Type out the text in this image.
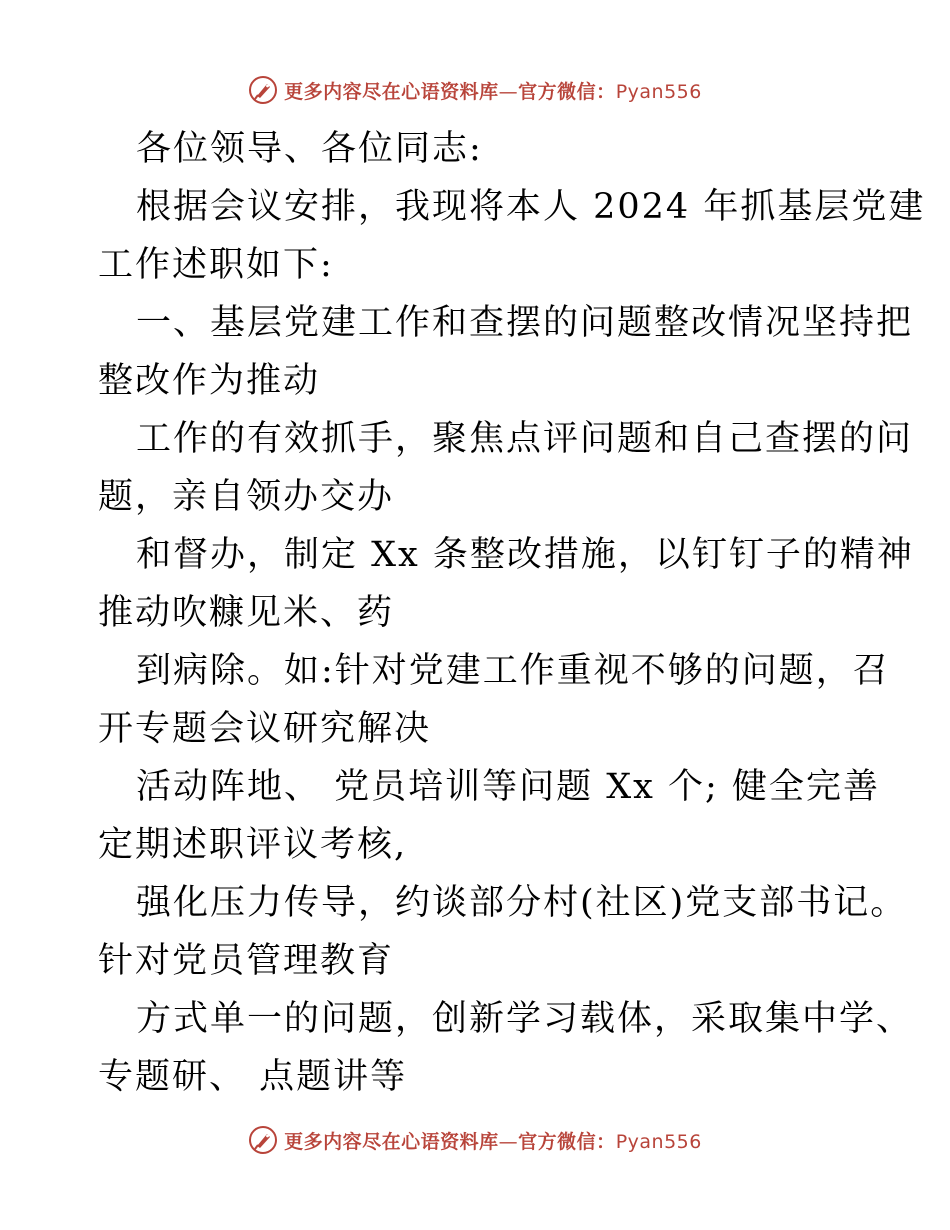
更多内容尽在心语资料库—官方微信：Pyan556
各位领导、各位同志:
根据会议安排，我现将本人 2024 年抓基层党建
工作述职如下:
一、基层党建工作和查摆的问题整改情况坚持把
整改作为推动
工作的有效抓手，聚焦点评问题和自己查摆的问
题，亲自领办交办
和督办，制定 Xx 条整改措施，以钉钉子的精神
推动吹糠见米、药
到病除。如:针对党建工作重视不够的问题，召
开专题会议研究解决
活动阵地、 党员培训等问题 Xx 个; 健全完善
定期述职评议考核,
强化压力传导，约谈部分村(社区)党支部书记。
针对党员管理教育
方式单一的问题，创新学习载体，采取集中学、
专题研、 点题讲等
更多内容尽在心语资料库—官方微信：Pyan556
